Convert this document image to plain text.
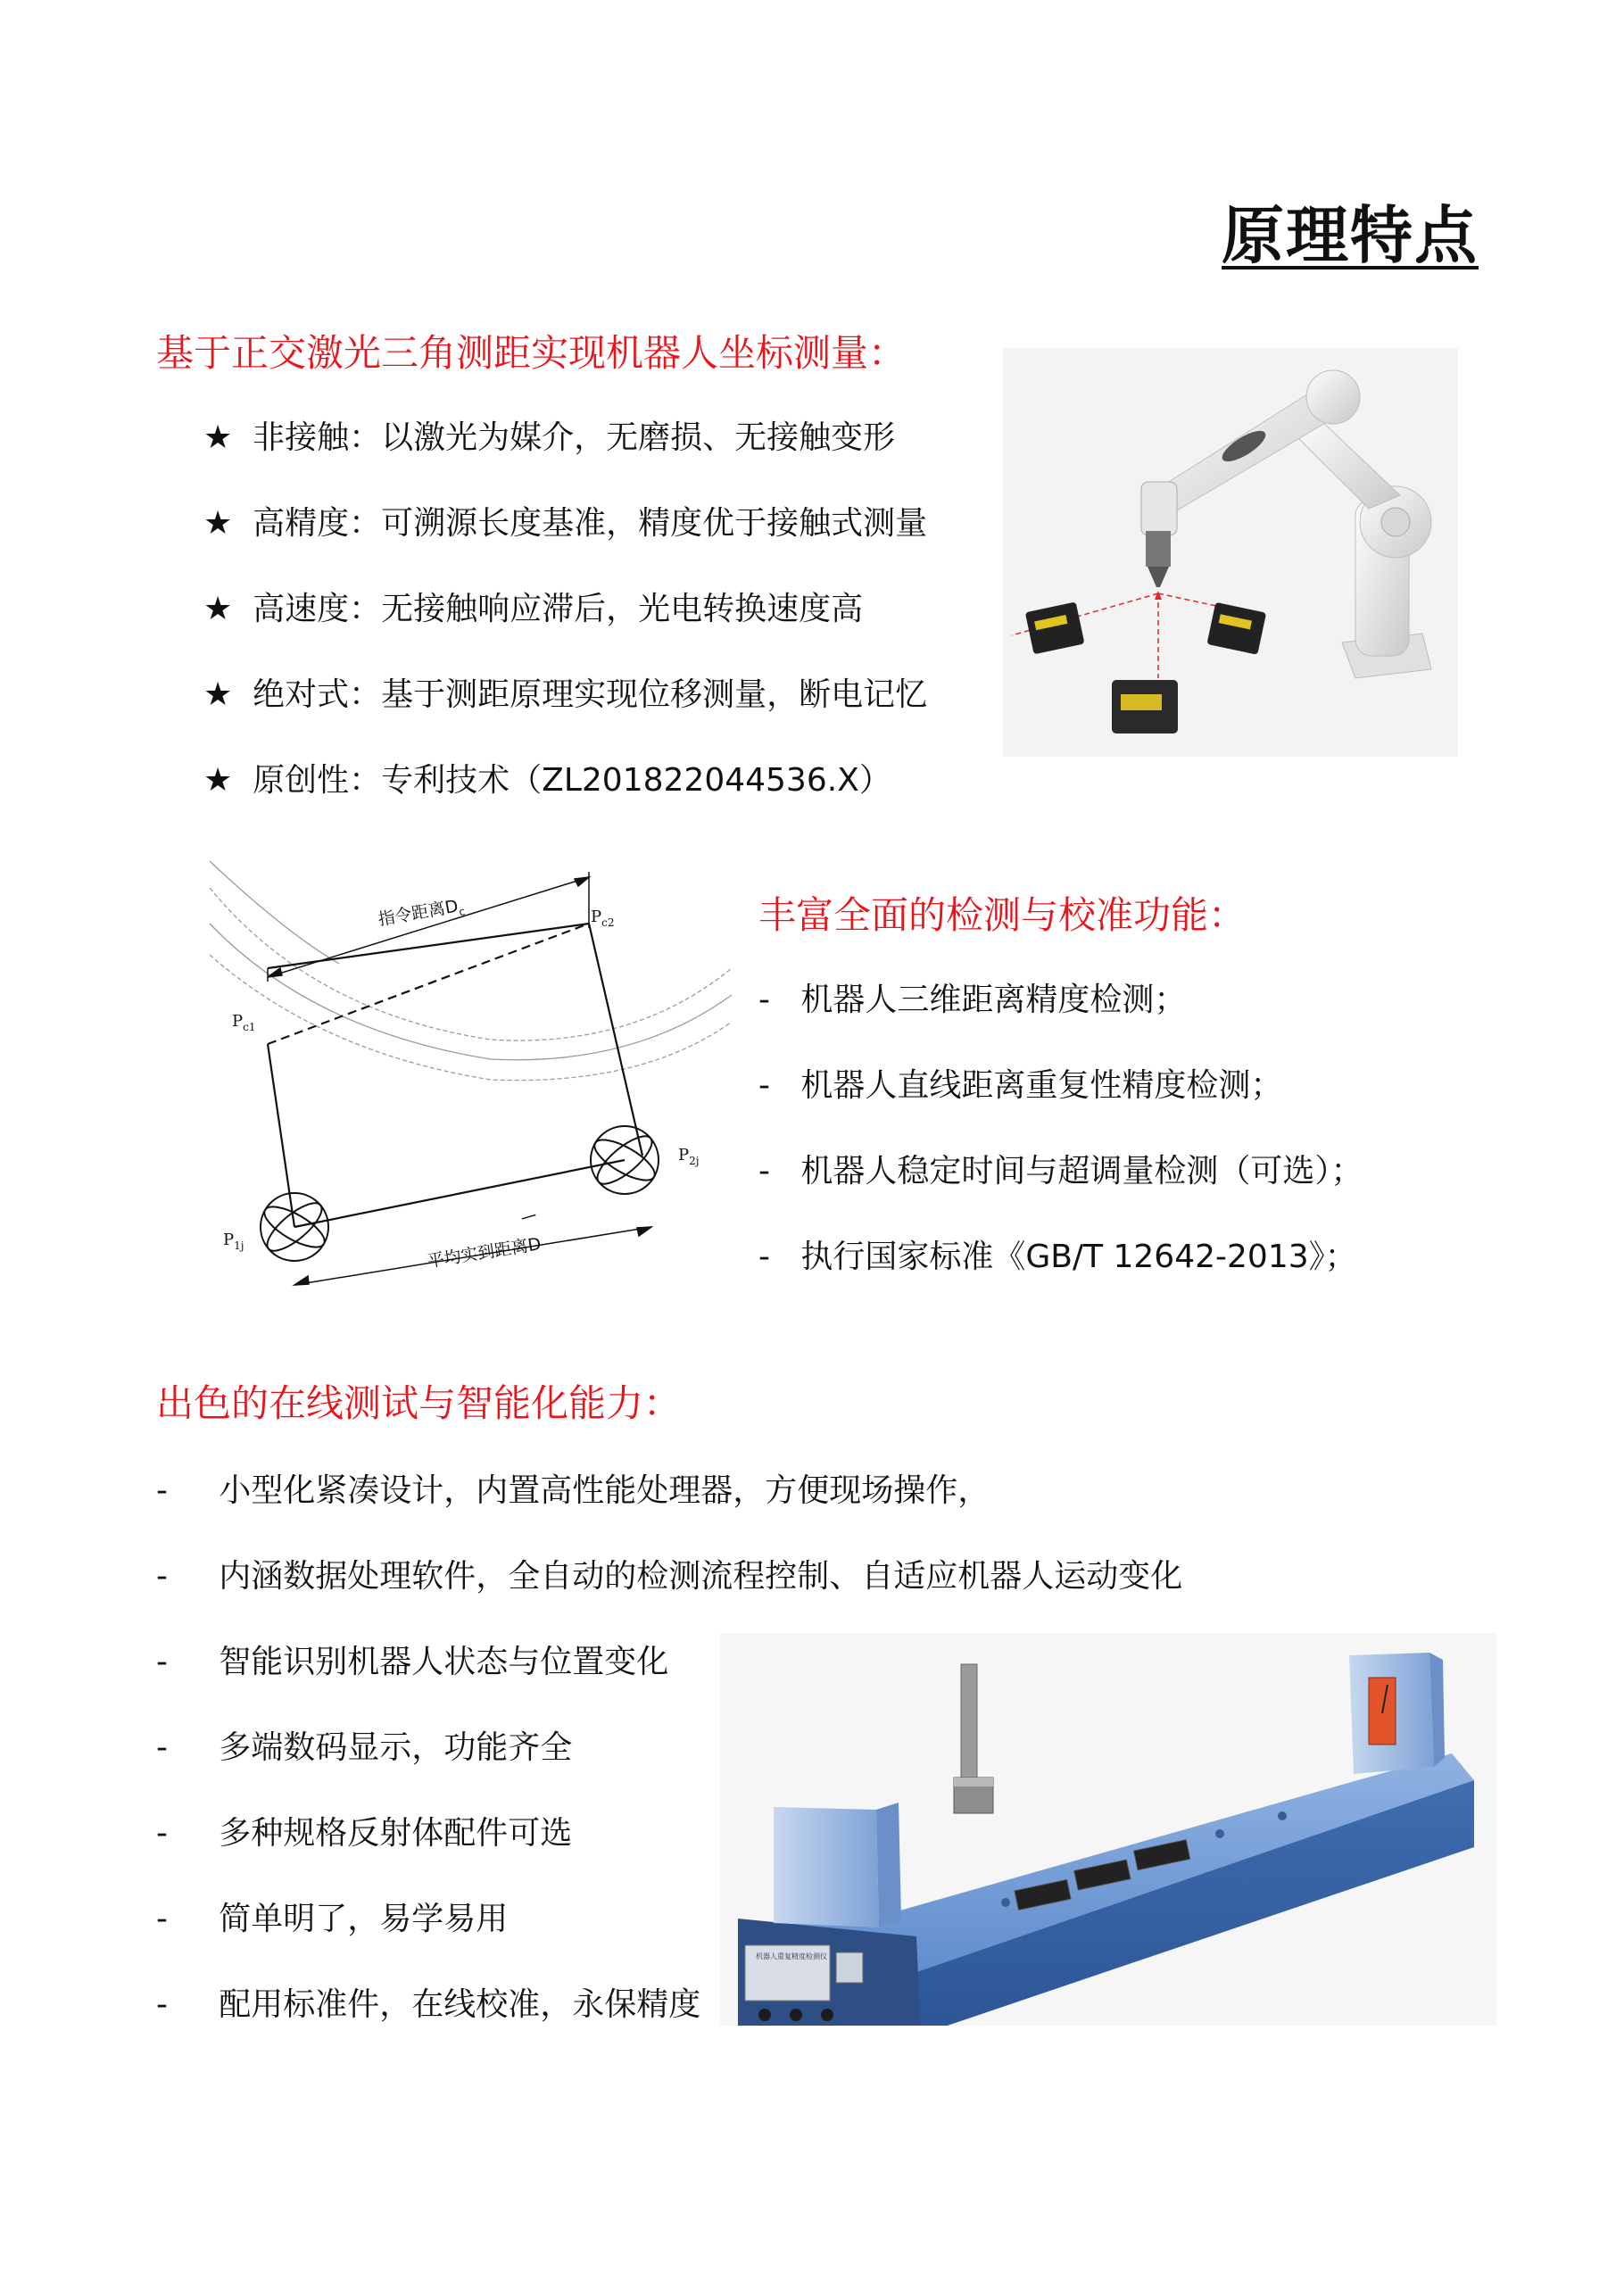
原理特点
基于正交激光三角测距实现机器人坐标测量：
★ 非接触：以激光为媒介，无磨损、无接触变形
★ 高精度：可溯源长度基准，精度优于接触式测量
★ 高速度：无接触响应滞后，光电转换速度高
★ 绝对式：基于测距原理实现位移测量，断电记忆
★ 原创性：专利技术（ZL201822044536.X）
指令距离$D_c$
平均实到距离D
$P_{c1}$
$P_{c2}$
$P_{1j}$
$P_{2j}$
丰富全面的检测与校准功能：
- 机器人三维距离精度检测；
- 机器人直线距离重复性精度检测；
- 机器人稳定时间与超调量检测（可选）；
- 执行国家标准《GB/T 12642-2013》；
出色的在线测试与智能化能力：
- 小型化紧凑设计，内置高性能处理器，方便现场操作，
- 内涵数据处理软件，全自动的检测流程控制、自适应机器人运动变化
- 智能识别机器人状态与位置变化
- 多端数码显示，功能齐全
- 多种规格反射体配件可选
- 简单明了，易学易用
- 配用标准件，在线校准，永保精度
机器人重复精度检测仪
